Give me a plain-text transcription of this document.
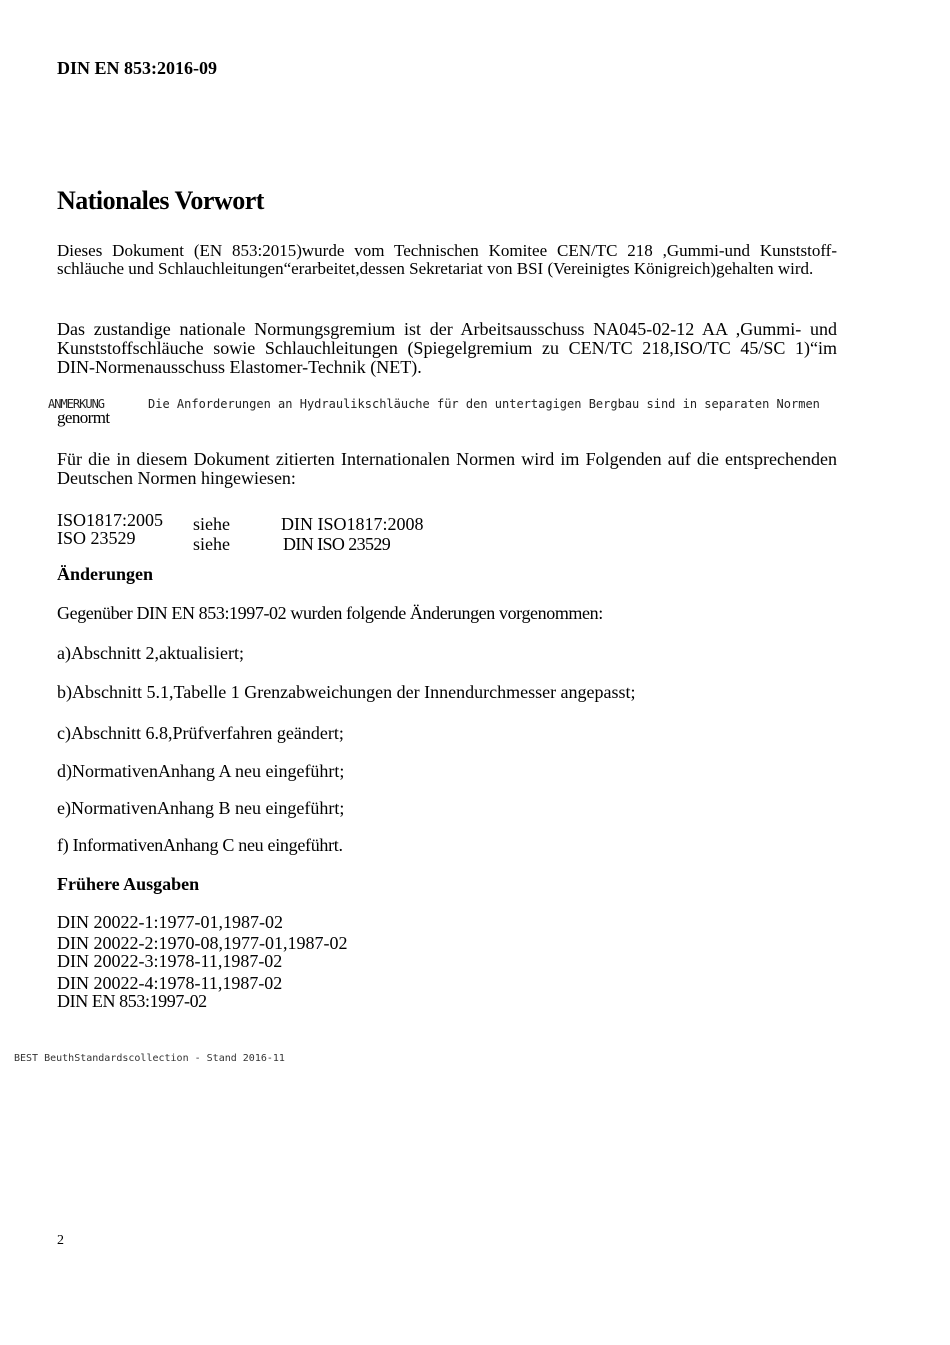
DIN EN 853:2016-09
Nationales Vorwort
Dieses Dokument (EN 853:2015)wurde vom Technischen Komitee CEN/TC 218 ,Gummi-und Kunststoff- schläuche und Schlauchleitungen“erarbeitet,dessen Sekretariat von BSI (Vereinigtes Königreich)gehalten wird.
Das zustandige nationale Normungsgremium ist der Arbeitsausschuss NA045-02-12 AA ,Gummi- und Kunststoffschläuche sowie Schlauchleitungen (Spiegelgremium zu CEN/TC 218,ISO/TC 45/SC 1)“im DIN-Normenausschuss Elastomer-Technik (NET).
ANMERKUNG	Die Anforderungen an Hydraulikschläuche für den untertagigen Bergbau sind in separaten Normen
genormt
Für die in diesem Dokument zitierten Internationalen Normen wird im Folgenden auf die entsprechenden Deutschen Normen hingewiesen:
ISO1817:2005 siehe	DIN ISO1817:2008
ISO 23529	siehe	DIN ISO 23529
Änderungen
Gegenüber DIN EN 853:1997-02 wurden folgende Änderungen vorgenommen:
a)Abschnitt 2,aktualisiert;
b)Abschnitt 5.1,Tabelle 1 Grenzabweichungen der Innendurchmesser angepasst;
c)Abschnitt 6.8,Prüfverfahren geändert;
d)NormativenAnhang A neu eingeführt;
e)NormativenAnhang B neu eingeführt;
f) InformativenAnhang C neu eingeführt.
Frühere Ausgaben
DIN 20022-1:1977-01,1987-02
DIN 20022-2:1970-08,1977-01,1987-02
DIN 20022-3:1978-11,1987-02
DIN 20022-4:1978-11,1987-02
DIN EN 853:1997-02
BEST BeuthStandardscollection - Stand 2016-11
2
